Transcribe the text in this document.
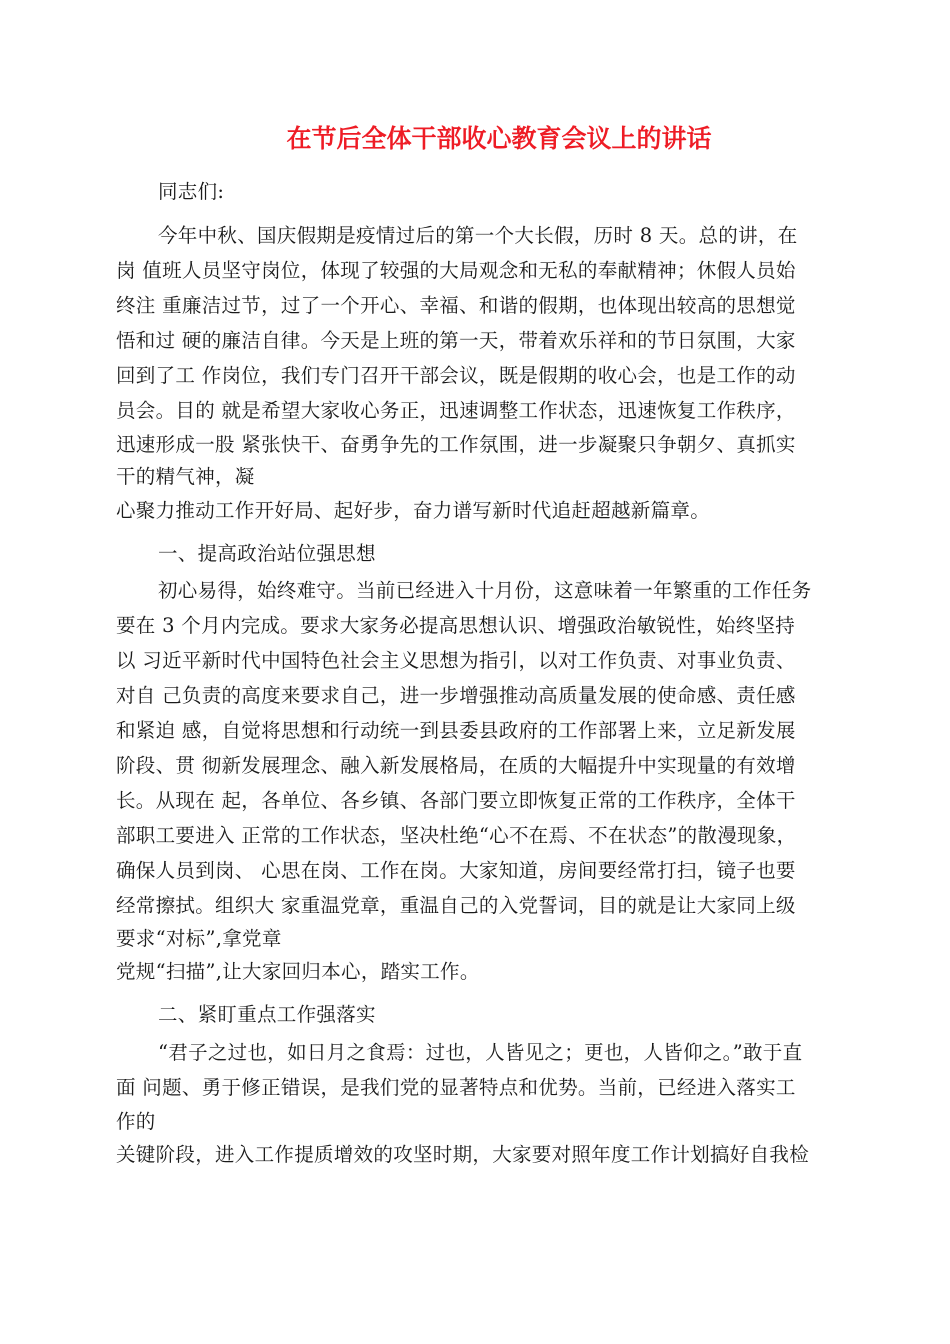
在节后全体干部收心教育会议上的讲话
同志们:
今年中秋、国庆假期是疫情过后的第一个大长假，历时 8 天。总的讲，在
岗 值班人员坚守岗位，体现了较强的大局观念和无私的奉献精神；休假人员始
终注 重廉洁过节，过了一个开心、幸福、和谐的假期，也体现出较高的思想觉
悟和过 硬的廉洁自律。今天是上班的第一天，带着欢乐祥和的节日氛围，大家
回到了工 作岗位，我们专门召开干部会议，既是假期的收心会，也是工作的动
员会。目的 就是希望大家收心务正，迅速调整工作状态，迅速恢复工作秩序，
迅速形成一股 紧张快干、奋勇争先的工作氛围，进一步凝聚只争朝夕、真抓实
干的精气神，凝
心聚力推动工作开好局、起好步，奋力谱写新时代追赶超越新篇章。
一、提高政治站位强思想
初心易得，始终难守。当前已经进入十月份，这意味着一年繁重的工作任务
要在 3 个月内完成。要求大家务必提高思想认识、增强政治敏锐性，始终坚持
以 习近平新时代中国特色社会主义思想为指引，以对工作负责、对事业负责、
对自 己负责的高度来要求自己，进一步增强推动高质量发展的使命感、责任感
和紧迫 感，自觉将思想和行动统一到县委县政府的工作部署上来，立足新发展
阶段、贯 彻新发展理念、融入新发展格局，在质的大幅提升中实现量的有效增
长。从现在 起，各单位、各乡镇、各部门要立即恢复正常的工作秩序，全体干
部职工要进入 正常的工作状态，坚决杜绝“心不在焉、不在状态”的散漫现象，
确保人员到岗、 心思在岗、工作在岗。大家知道，房间要经常打扫，镜子也要
经常擦拭。组织大 家重温党章，重温自己的入党誓词，目的就是让大家同上级
要求“对标”,拿党章
党规“扫描”,让大家回归本心，踏实工作。
二、紧盯重点工作强落实
“君子之过也，如日月之食焉：过也，人皆见之；更也，人皆仰之。”敢于直
面 问题、勇于修正错误，是我们党的显著特点和优势。当前，已经进入落实工
作的
关键阶段，进入工作提质增效的攻坚时期，大家要对照年度工作计划搞好自我检
